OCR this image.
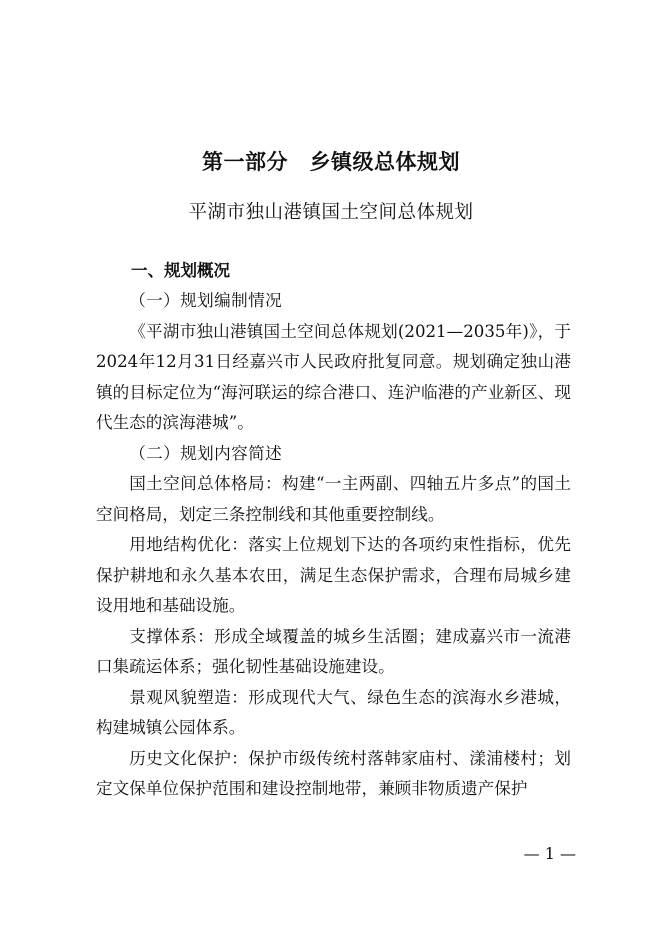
第一部分　乡镇级总体规划
平湖市独山港镇国土空间总体规划
一、规划概况

（一）规划编制情况

《平湖市独山港镇国土空间总体规划(2021—2035年)》，于2024年12月31日经嘉兴市人民政府批复同意。规划确定独山港镇的目标定位为“海河联运的综合港口、连沪临港的产业新区、现代生态的滨海港城”。

（二）规划内容简述

国土空间总体格局：构建“一主两副、四轴五片多点”的国土空间格局，划定三条控制线和其他重要控制线。

用地结构优化：落实上位规划下达的各项约束性指标，优先保护耕地和永久基本农田，满足生态保护需求，合理布局城乡建设用地和基础设施。

支撑体系：形成全域覆盖的城乡生活圈；建成嘉兴市一流港口集疏运体系；强化韧性基础设施建设。

景观风貌塑造：形成现代大气、绿色生态的滨海水乡港城，构建城镇公园体系。

历史文化保护：保护市级传统村落韩家庙村、漾浦楼村；划定文保单位保护范围和建设控制地带，兼顾非物质遗产保护

— 1 —
